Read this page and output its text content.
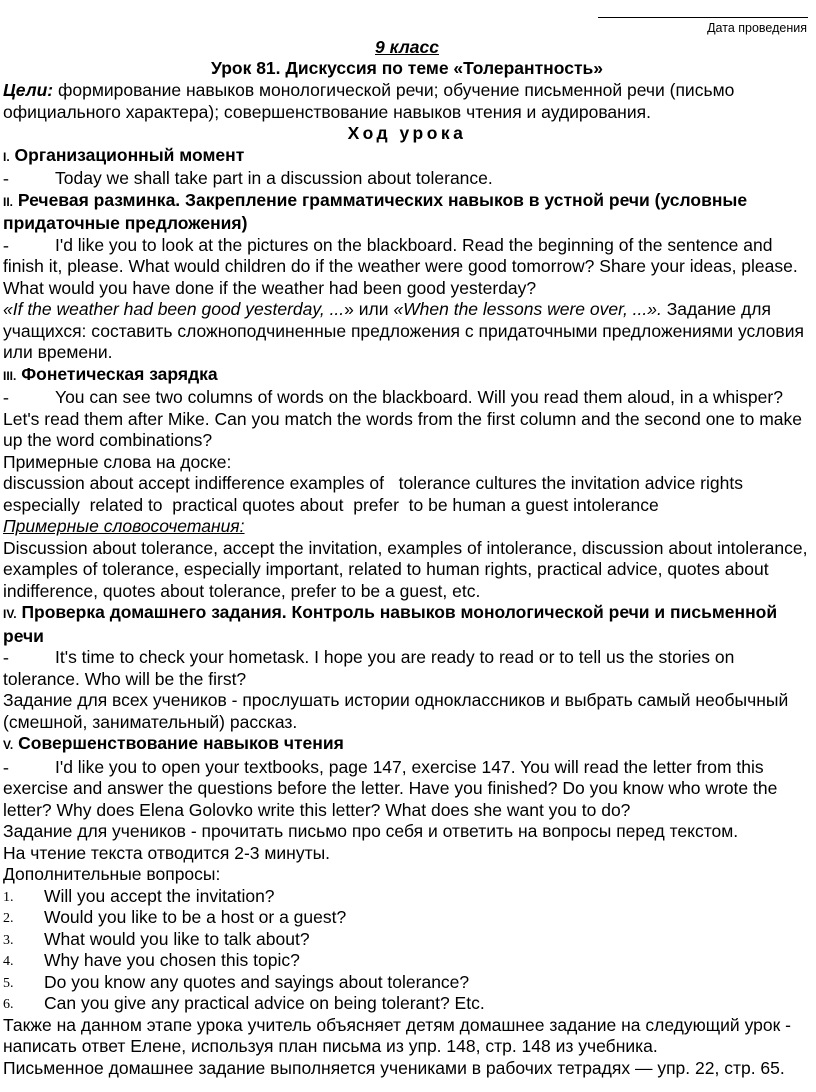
Дата проведения
9 класс
Урок 81. Дискуссия по теме «Толерантность»

Цели: формирование навыков монологической речи; обучение письменной речи (письмо официального характера); совершенствование навыков чтения и аудирования.

Ход урока

I. Организационный момент

-	Today we shall take part in a discussion about tolerance.

II. Речевая разминка. Закрепление грамматических навыков в устной речи (условные придаточные предложения)

-	I'd like you to look at the pictures on the blackboard. Read the beginning of the sentence and finish it, please. What would children do if the weather were good tomorrow? Share your ideas, please. What would you have done if the weather had been good yesterday?

«If the weather had been good yesterday, ...» или «When the lessons were over, ...». Задание для учащихся: составить сложноподчиненные предложения с придаточными предложениями условия или времени.

III. Фонетическая зарядка

-	You can see two columns of words on the blackboard. Will you read them aloud, in a whisper? Let's read them after Mike. Can you match the words from the first column and the second one to make up the word combinations?

Примерные слова на доске:

discussion about accept indifference examples of   tolerance cultures the invitation advice rights

especially  related to  practical quotes about  prefer  to be human a guest intolerance

Примерные словосочетания:

Discussion about tolerance, accept the invitation, examples of intolerance, discussion about intolerance, examples of tolerance, especially important, related to human rights, practical advice, quotes about indifference, quotes about tolerance, prefer to be a guest, etc.

IV. Проверка домашнего задания. Контроль навыков монологической речи и письменной речи

-	It's time to check your hometask. I hope you are ready to read or to tell us the stories on tolerance. Who will be the first?

Задание для всех учеников - прослушать истории одноклассников и выбрать самый необычный (смешной, занимательный) рассказ.

V. Совершенствование навыков чтения

-	I'd like you to open your textbooks, page 147, exercise 147. You will read the letter from this exercise and answer the questions before the letter. Have you finished? Do you know who wrote the letter? Why does Elena Golovko write this letter? What does she want you to do?

Задание для учеников - прочитать письмо про себя и ответить на вопросы перед текстом.

На чтение текста отводится 2-3 минуты.

Дополнительные вопросы:

1. Will you accept the invitation?

2. Would you like to be a host or a guest?

3. What would you like to talk about?

4. Why have you chosen this topic?

5. Do you know any quotes and sayings about tolerance?

6. Can you give any practical advice on being tolerant? Etc.

Также на данном этапе урока учитель объясняет детям домашнее задание на следующий урок - написать ответ Елене, используя план письма из упр. 148, стр. 148 из учебника.

Письменное домашнее задание выполняется учениками в рабочих тетрадях — упр. 22, стр. 65.
